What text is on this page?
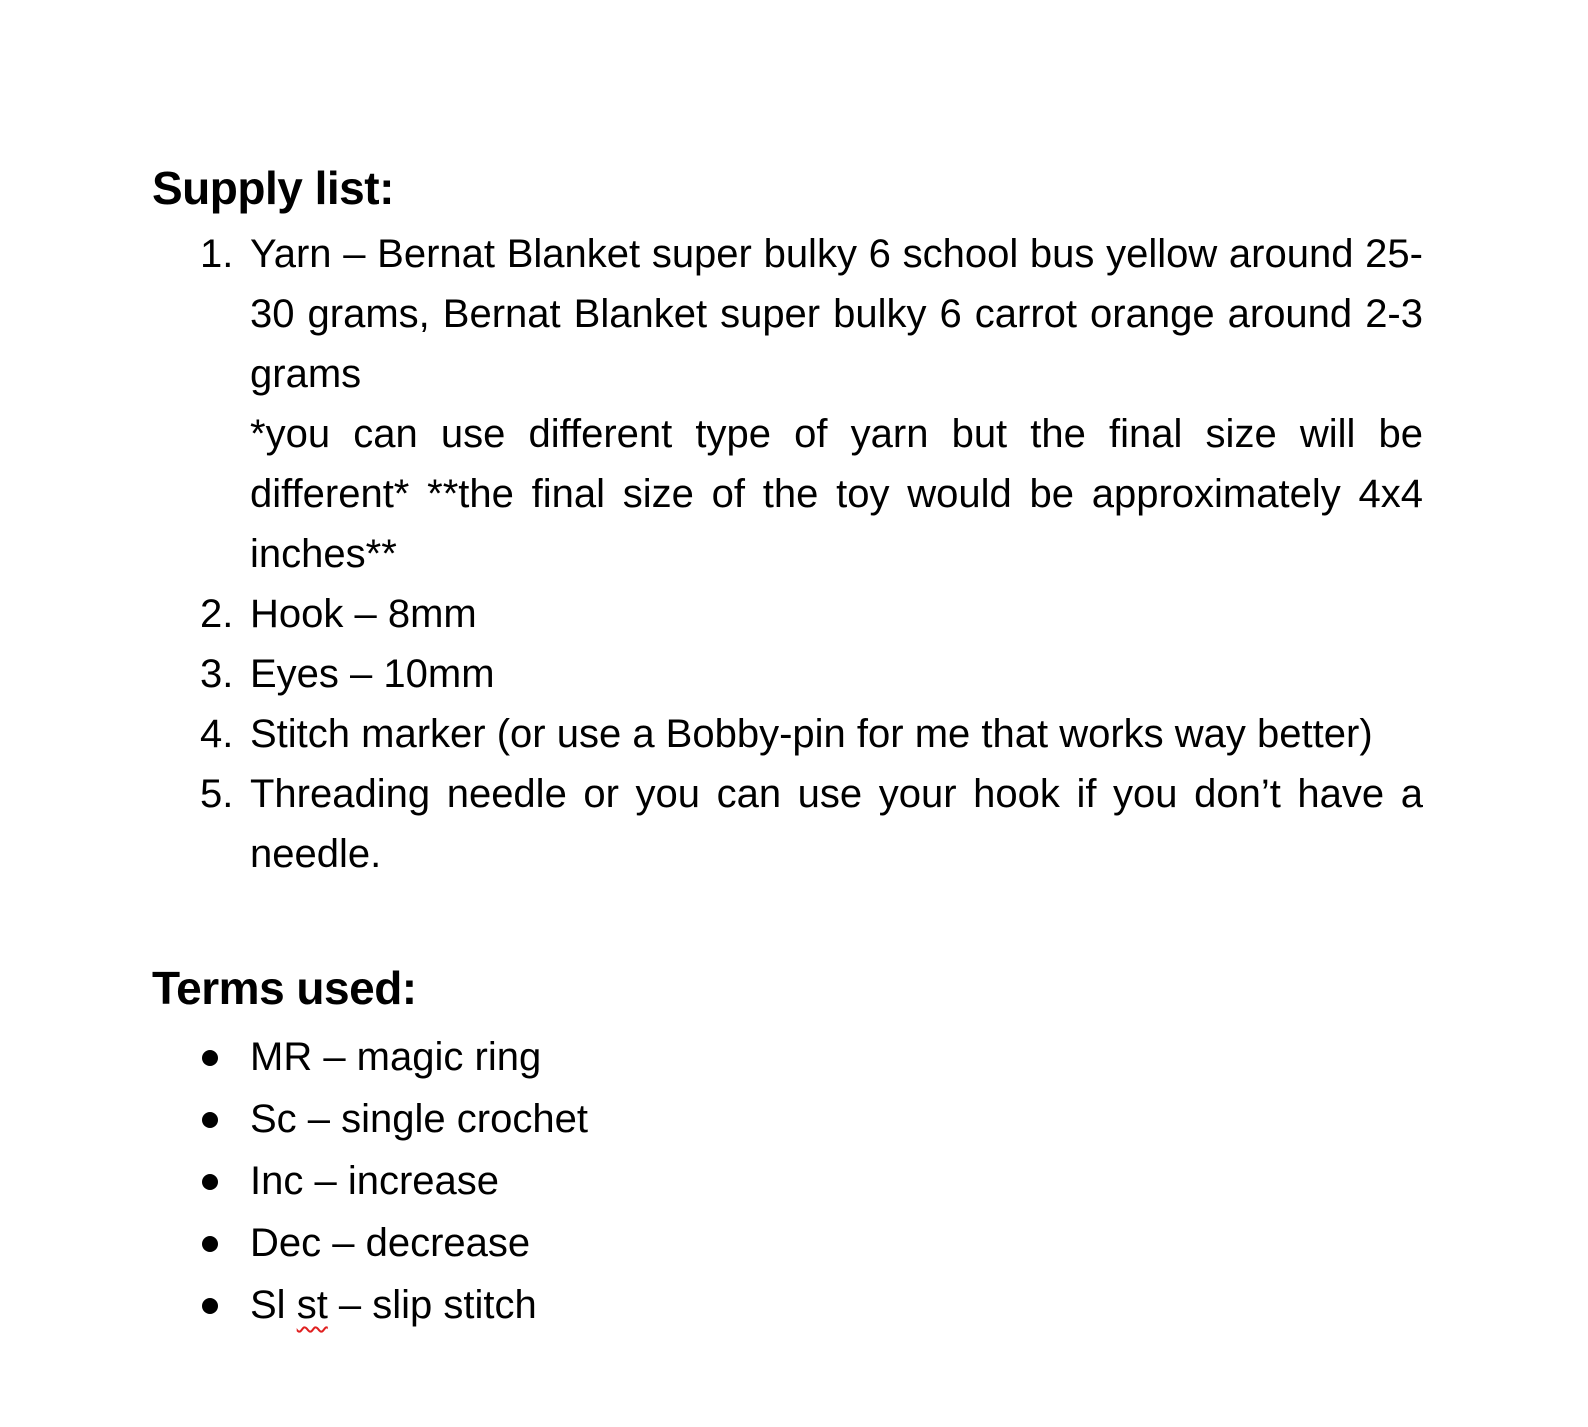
Supply list:
1. Yarn – Bernat Blanket super bulky 6 school bus yellow around 25-30 grams, Bernat Blanket super bulky 6 carrot orange around 2-3 grams

*you can use different type of yarn but the final size will be different* **the final size of the toy would be approximately 4x4 inches**

2. Hook – 8mm

3. Eyes – 10mm

4. Stitch marker (or use a Bobby-pin for me that works way better)

5. Threading needle or you can use your hook if you don’t have a needle.

Terms used:
MR – magic ring
Sc – single crochet
Inc – increase
Dec – decrease
Sl st – slip stitch
